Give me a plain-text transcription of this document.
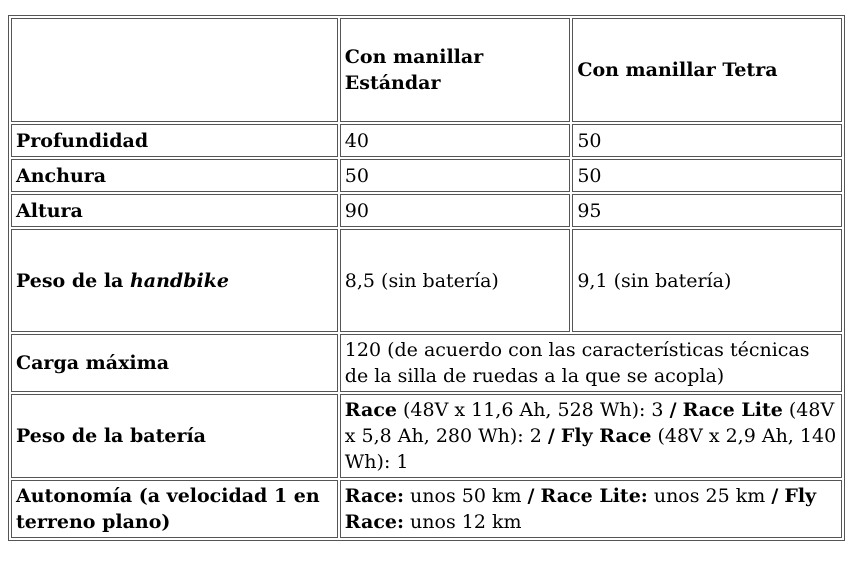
	Con manillar Estándar	Con manillar Tetra
Profundidad	40	50
Anchura	50	50
Altura	90	95
Peso de la handbike	8,5 (sin batería)	9,1 (sin batería)
Carga máxima	120 (de acuerdo con las características técnicas de la silla de ruedas a la que se acopla)	
Peso de la batería	Race (48V x 11,6 Ah, 528 Wh): 3 / Race Lite (48V x 5,8 Ah, 280 Wh): 2 / Fly Race (48V x 2,9 Ah, 140 Wh): 1	
Autonomía (a velocidad 1 en terreno plano)	Race: unos 50 km / Race Lite: unos 25 km / Fly Race: unos 12 km	
